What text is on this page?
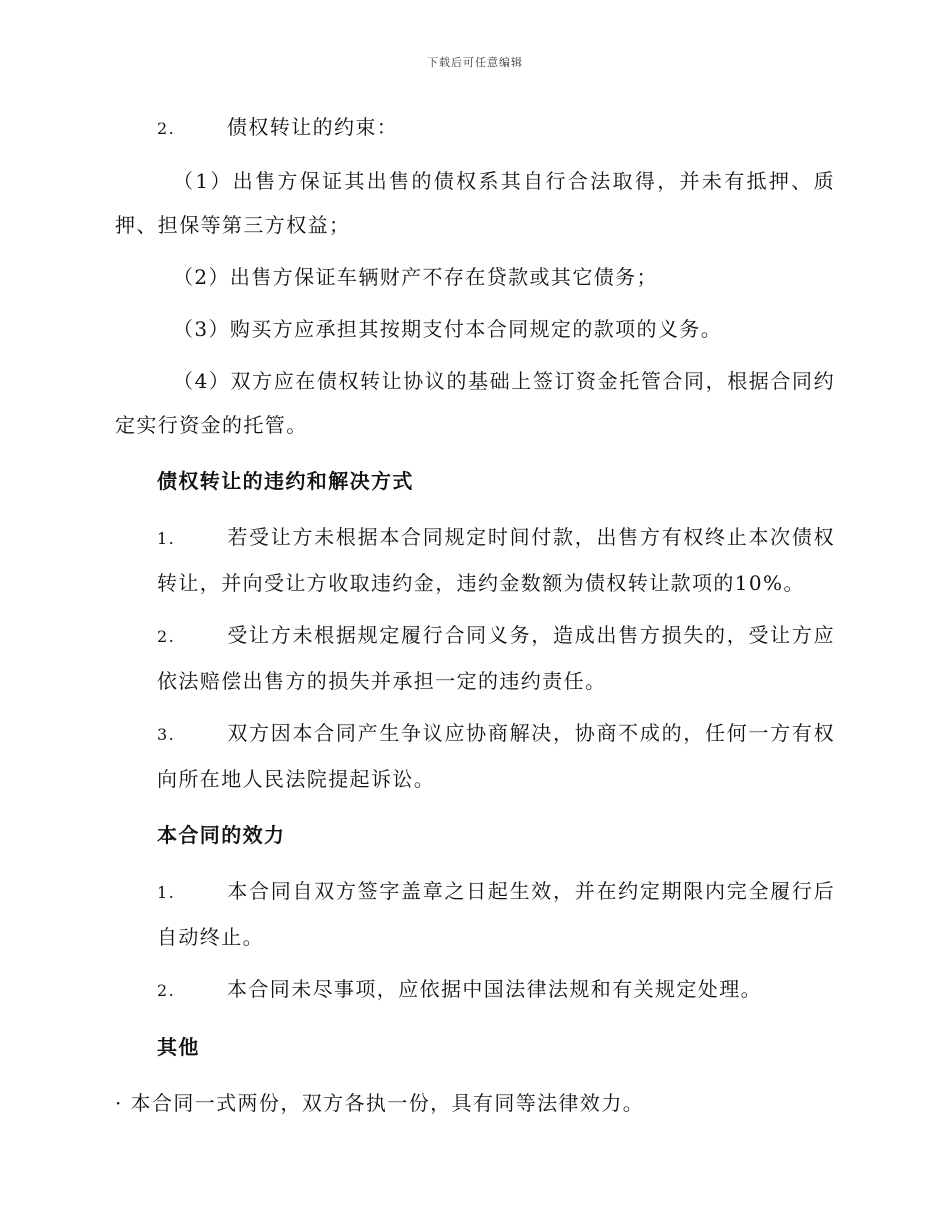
下载后可任意编辑

2.	债权转让的约束：

（1）出售方保证其出售的债权系其自行合法取得，并未有抵押、质押、担保等第三方权益；

（2）出售方保证车辆财产不存在贷款或其它债务；

（3）购买方应承担其按期支付本合同规定的款项的义务。

（4）双方应在债权转让协议的基础上签订资金托管合同，根据合同约定实行资金的托管。

债权转让的违约和解决方式

1.	若受让方未根据本合同规定时间付款，出售方有权终止本次债权转让，并向受让方收取违约金，违约金数额为债权转让款项的10%。

2.	受让方未根据规定履行合同义务，造成出售方损失的，受让方应依法赔偿出售方的损失并承担一定的违约责任。

3.	双方因本合同产生争议应协商解决，协商不成的，任何一方有权向所在地人民法院提起诉讼。

本合同的效力

1.	本合同自双方签字盖章之日起生效，并在约定期限内完全履行后自动终止。

2.	本合同未尽事项，应依据中国法律法规和有关规定处理。

其他

· 本合同一式两份，双方各执一份，具有同等法律效力。
